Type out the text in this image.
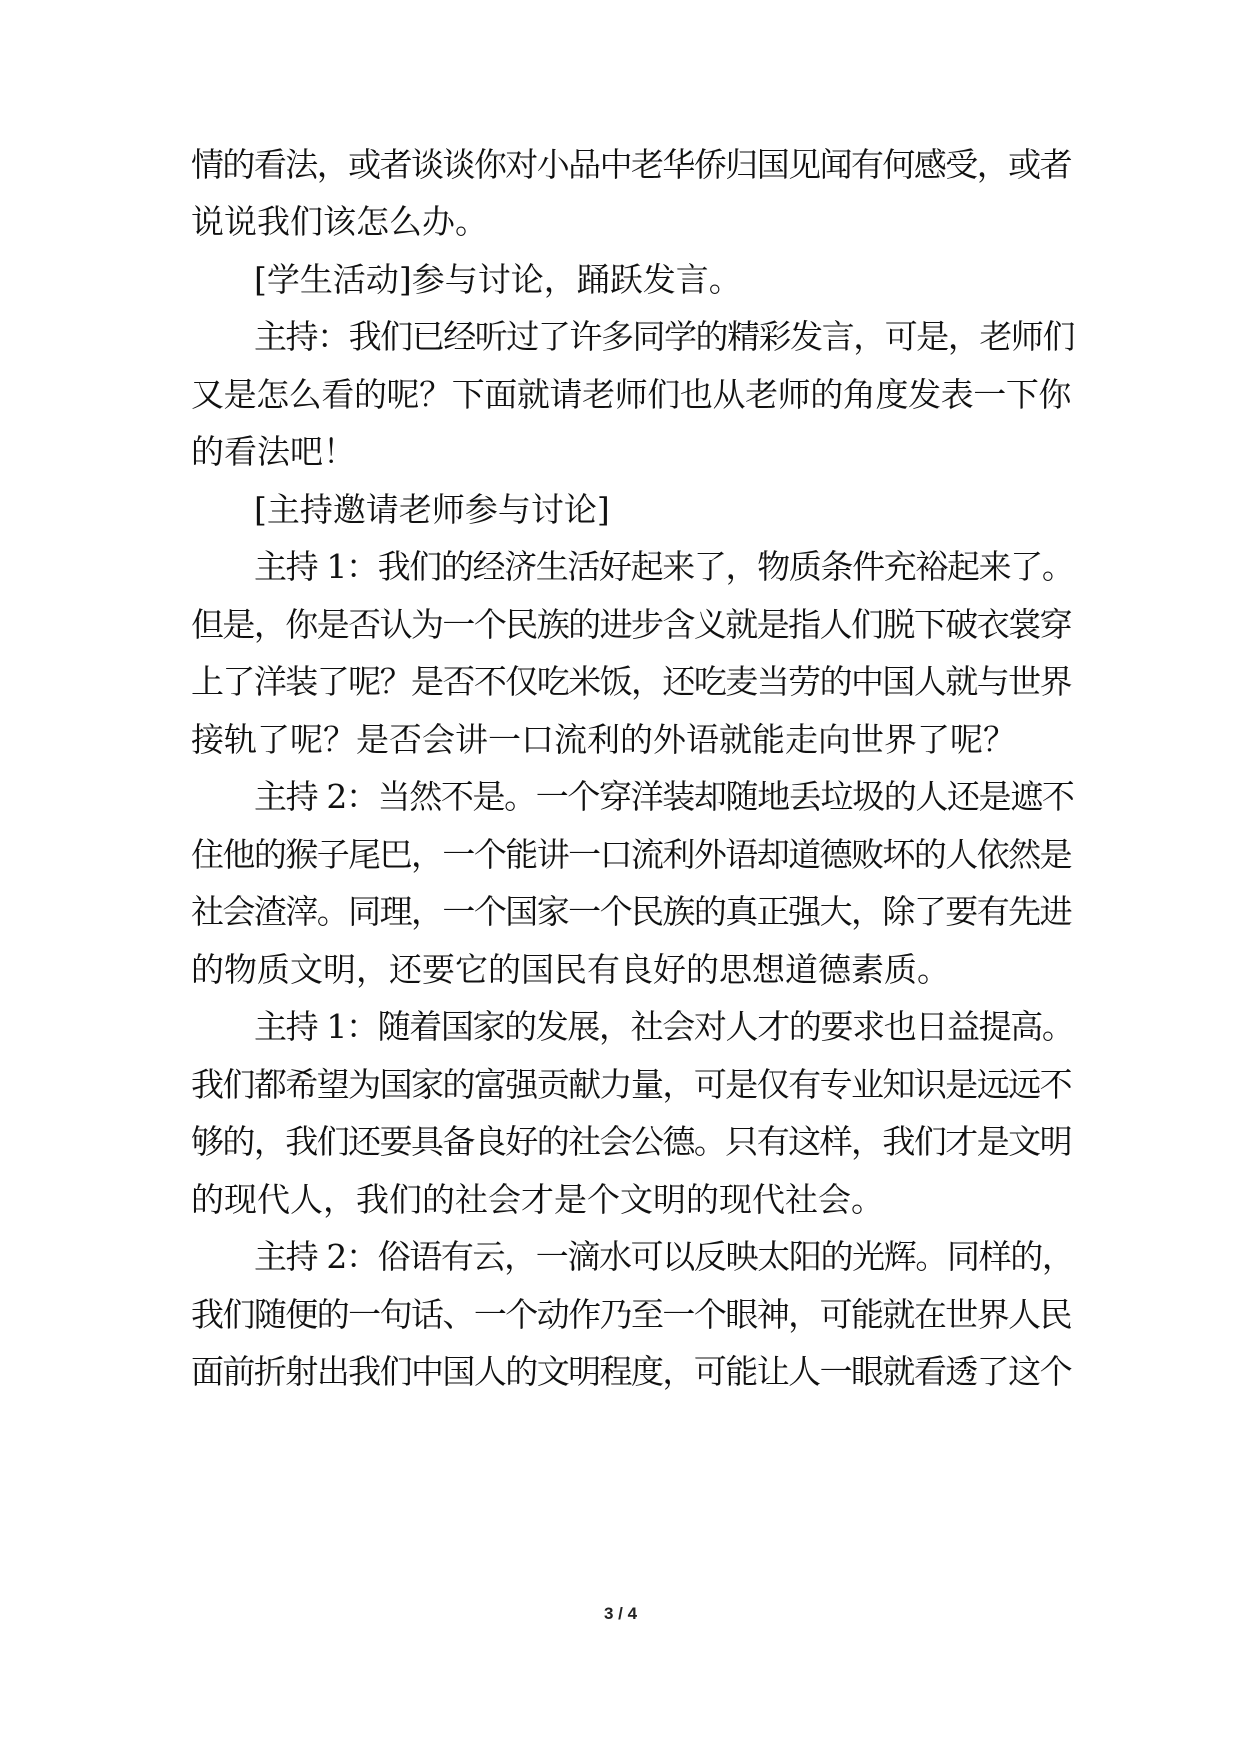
情的看法，或者谈谈你对小品中老华侨归国见闻有何感受，或者
说说我们该怎么办。
[学生活动]参与讨论，踊跃发言。
主持：我们已经听过了许多同学的精彩发言，可是，老师们
又是怎么看的呢？下面就请老师们也从老师的角度发表一下你
的看法吧！
[主持邀请老师参与讨论]
主持 1：我们的经济生活好起来了，物质条件充裕起来了。
但是，你是否认为一个民族的进步含义就是指人们脱下破衣裳穿
上了洋装了呢？是否不仅吃米饭，还吃麦当劳的中国人就与世界
接轨了呢？是否会讲一口流利的外语就能走向世界了呢？
主持 2：当然不是。一个穿洋装却随地丢垃圾的人还是遮不
住他的猴子尾巴，一个能讲一口流利外语却道德败坏的人依然是
社会渣滓。同理，一个国家一个民族的真正强大，除了要有先进
的物质文明，还要它的国民有良好的思想道德素质。
主持 1：随着国家的发展，社会对人才的要求也日益提高。
我们都希望为国家的富强贡献力量，可是仅有专业知识是远远不
够的，我们还要具备良好的社会公德。只有这样，我们才是文明
的现代人，我们的社会才是个文明的现代社会。
主持 2：俗语有云，一滴水可以反映太阳的光辉。同样的，
我们随便的一句话、一个动作乃至一个眼神，可能就在世界人民
面前折射出我们中国人的文明程度，可能让人一眼就看透了这个
3 / 4
